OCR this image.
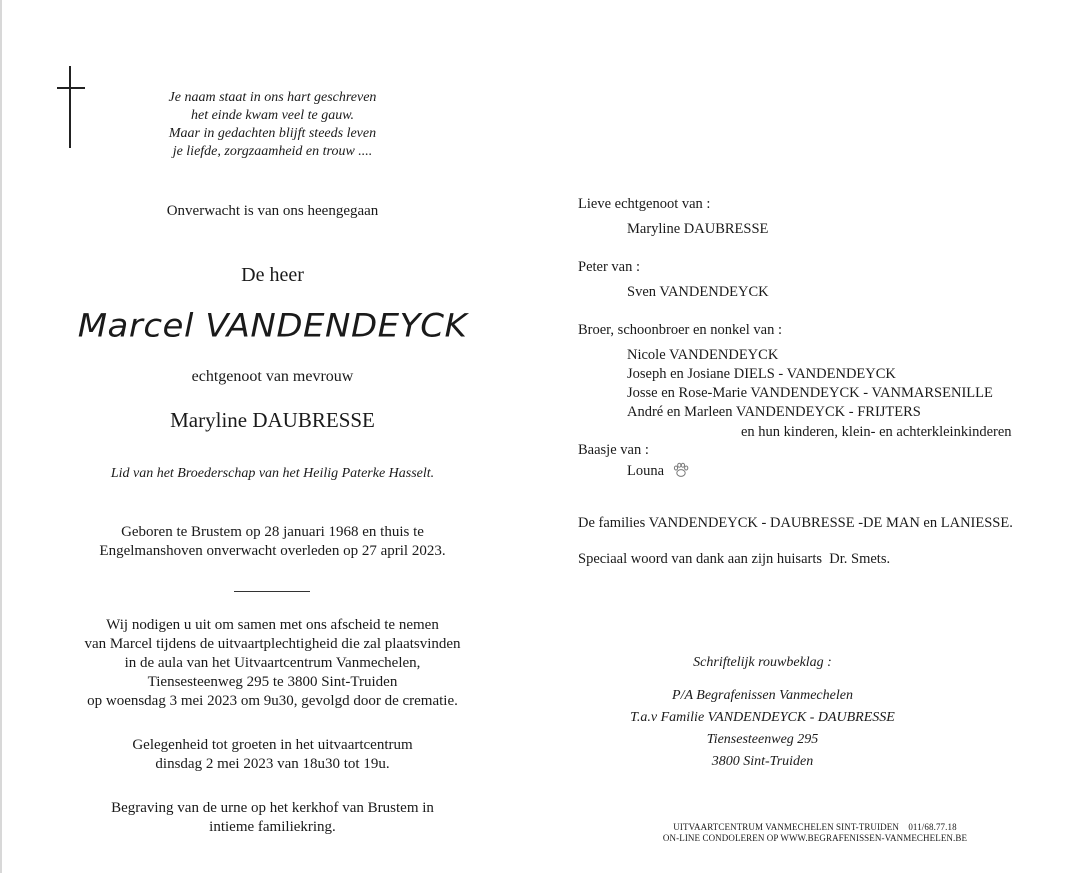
Je naam staat in ons hart geschreven
het einde kwam veel te gauw.
Maar in gedachten blijft steeds leven
je liefde, zorgzaamheid en trouw ....
Onverwacht is van ons heengegaan
De heer
Marcel VANDENDEYCK
echtgenoot van mevrouw
Maryline DAUBRESSE
Lid van het Broederschap van het Heilig Paterke Hasselt.
Geboren te Brustem op 28 januari 1968 en thuis te
Engelmanshoven onverwacht overleden op 27 april 2023.
Wij nodigen u uit om samen met ons afscheid te nemen
van Marcel tijdens de uitvaartplechtigheid die zal plaatsvinden
in de aula van het Uitvaartcentrum Vanmechelen,
Tiensesteenweg 295 te 3800 Sint-Truiden
op woensdag 3 mei 2023 om 9u30, gevolgd door de crematie.
Gelegenheid tot groeten in het uitvaartcentrum
dinsdag 2 mei 2023 van 18u30 tot 19u.
Begraving van de urne op het kerkhof van Brustem in
intieme familiekring.
Lieve echtgenoot van :
Maryline DAUBRESSE
Peter van :
Sven VANDENDEYCK
Broer, schoonbroer en nonkel van :
Nicole VANDENDEYCK
Joseph en Josiane DIELS - VANDENDEYCK
Josse en Rose-Marie VANDENDEYCK - VANMARSENILLE
André en Marleen VANDENDEYCK - FRIJTERS
en hun kinderen, klein- en achterkleinkinderen
Baasje van :
Louna
De families VANDENDEYCK - DAUBRESSE -DE MAN en LANIESSE.
Speciaal woord van dank aan zijn huisarts  Dr. Smets.
Schriftelijk rouwbeklag :
P/A Begrafenissen Vanmechelen
T.a.v Familie VANDENDEYCK - DAUBRESSE
Tiensesteenweg 295
3800 Sint-Truiden
UITVAARTCENTRUM VANMECHELEN SINT-TRUIDEN    011/68.77.18
ON-LINE CONDOLEREN OP WWW.BEGRAFENISSEN-VANMECHELEN.BE
